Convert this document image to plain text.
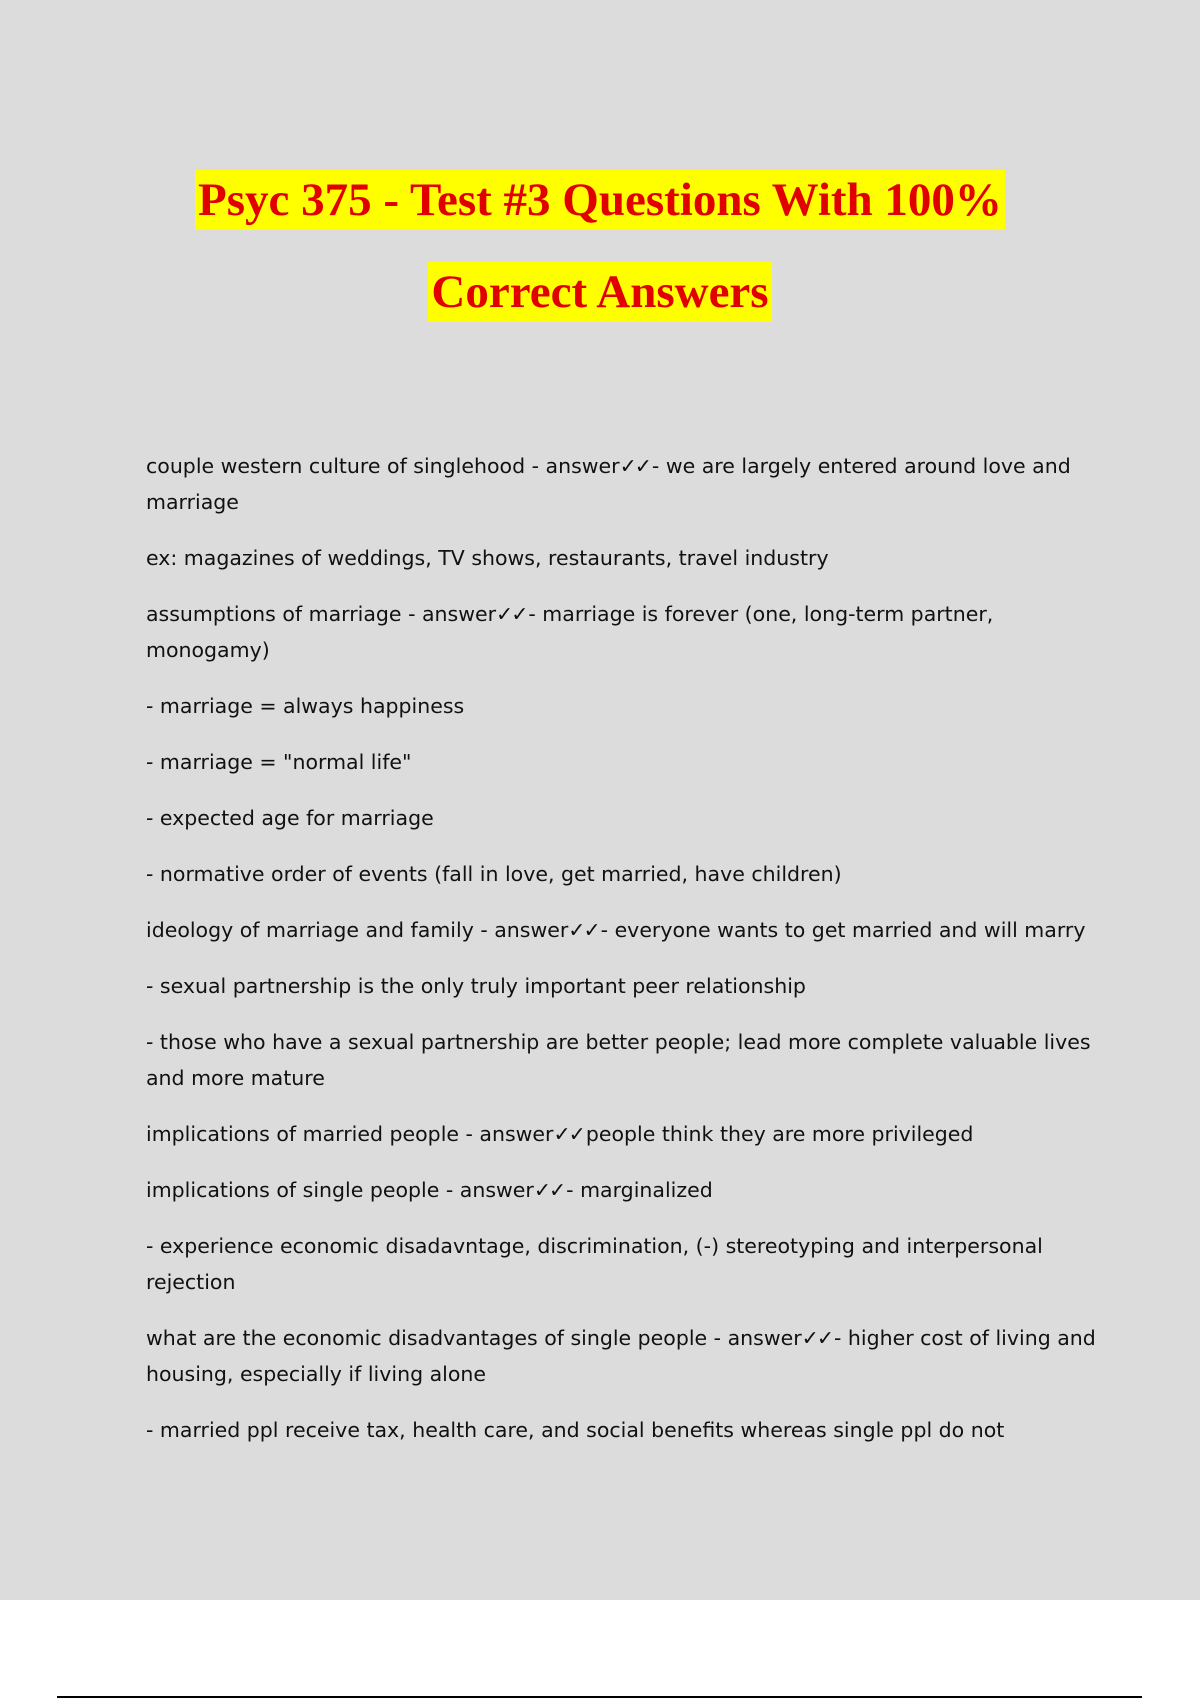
Psyc 375 - Test #3 Questions With 100%
Correct Answers

couple western culture of singlehood - answer✓✓- we are largely entered around love and marriage

ex: magazines of weddings, TV shows, restaurants, travel industry

assumptions of marriage - answer✓✓- marriage is forever (one, long-term partner, monogamy)

- marriage = always happiness

- marriage = "normal life"

- expected age for marriage

- normative order of events (fall in love, get married, have children)

ideology of marriage and family - answer✓✓- everyone wants to get married and will marry

- sexual partnership is the only truly important peer relationship

- those who have a sexual partnership are better people; lead more complete valuable lives and more mature

implications of married people - answer✓✓people think they are more privileged

implications of single people - answer✓✓- marginalized

- experience economic disadavntage, discrimination, (-) stereotyping and interpersonal rejection

what are the economic disadvantages of single people - answer✓✓- higher cost of living and housing, especially if living alone

- married ppl receive tax, health care, and social benefits whereas single ppl do not
